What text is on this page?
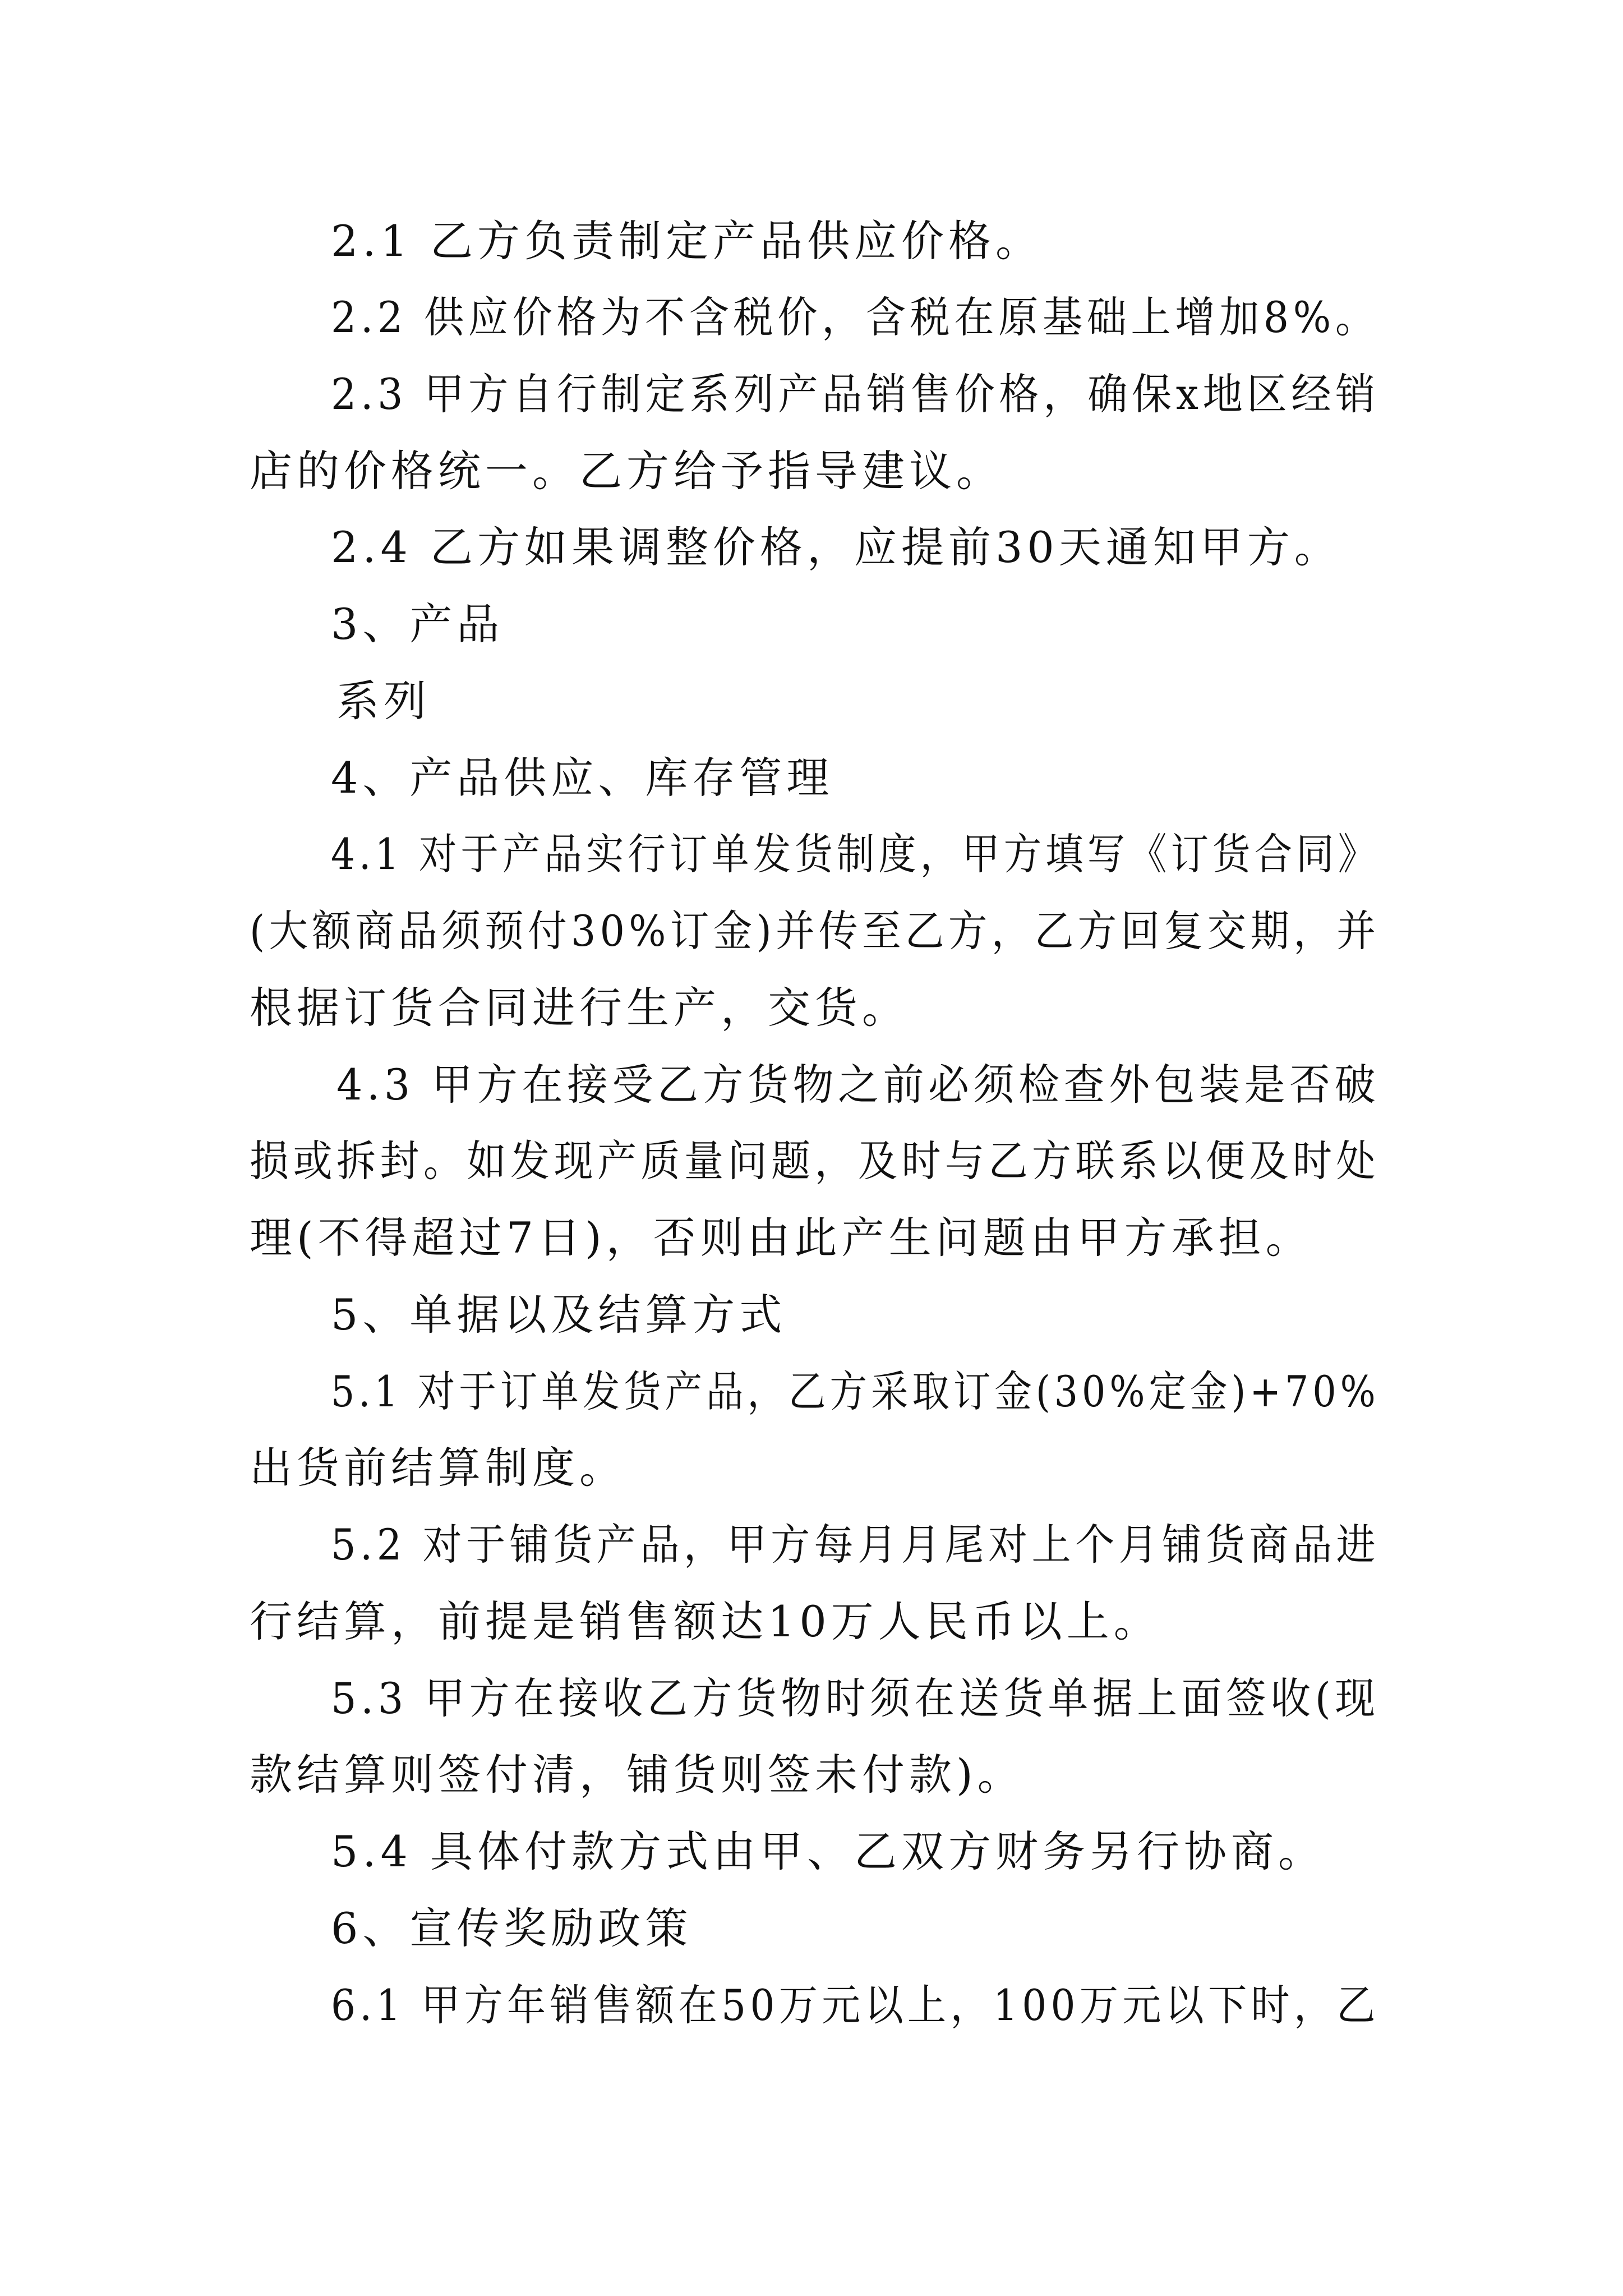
2.1 乙方负责制定产品供应价格。
2.2 供应价格为不含税价，含税在原基础上增加8%。
2.3 甲方自行制定系列产品销售价格，确保x地区经销
店的价格统一。乙方给予指导建议。
2.4 乙方如果调整价格，应提前30天通知甲方。
3、产品
系列
4、产品供应、库存管理
4.1 对于产品实行订单发货制度，甲方填写《订货合同》
(大额商品须预付30%订金)并传至乙方，乙方回复交期，并
根据订货合同进行生产，交货。
4.3 甲方在接受乙方货物之前必须检查外包装是否破
损或拆封。如发现产质量问题，及时与乙方联系以便及时处
理(不得超过7日)，否则由此产生问题由甲方承担。
5、单据以及结算方式
5.1 对于订单发货产品，乙方采取订金(30%定金)+70%
出货前结算制度。
5.2 对于铺货产品，甲方每月月尾对上个月铺货商品进
行结算，前提是销售额达10万人民币以上。
5.3 甲方在接收乙方货物时须在送货单据上面签收(现
款结算则签付清，铺货则签未付款)。
5.4 具体付款方式由甲、乙双方财务另行协商。
6、宣传奖励政策
6.1 甲方年销售额在50万元以上，100万元以下时，乙
